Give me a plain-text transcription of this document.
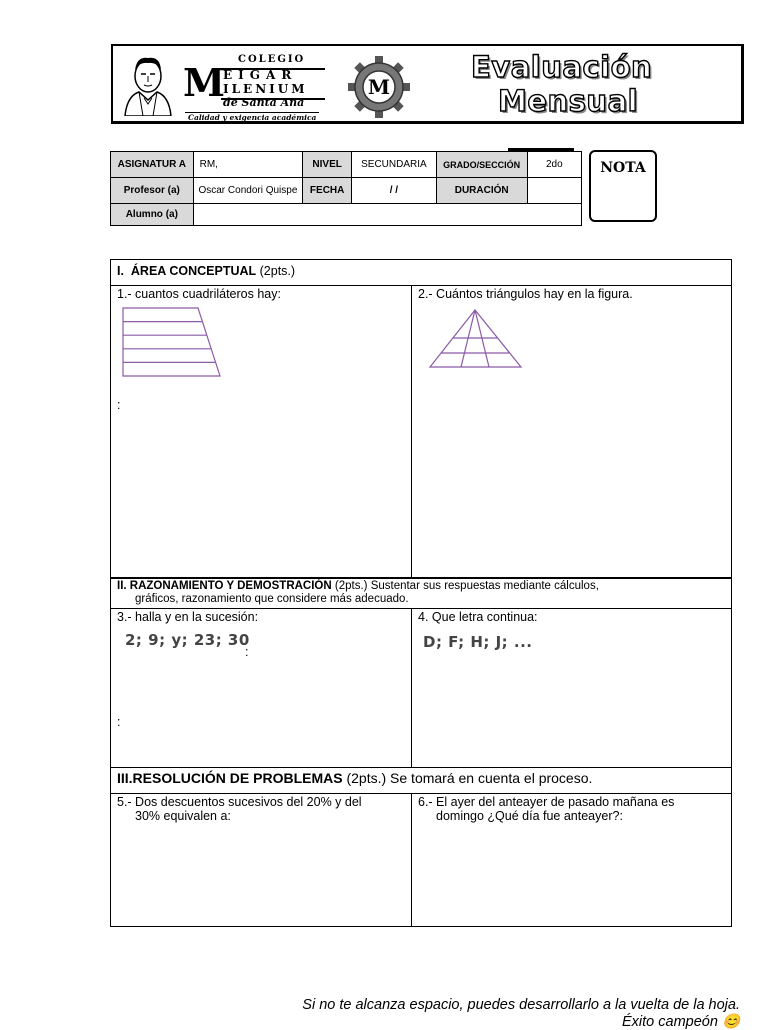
COLEGIO
M
EIGAR
ILENIUM
de Santa Ana
Calidad y exigencia académica
M
Evaluación
Mensual
ASIGNATUR A	RM,	NIVEL	SECUNDARIA	GRADO/SECCIÓN	2do
Profesor (a)	Oscar Condori Quispe	FECHA	/ /	DURACIÓN	
Alumno (a)					
NOTA
I. ÁREA CONCEPTUAL (2pts.)
1.- cuantos cuadriláteros hay:
:
2.- Cuántos triángulos hay en la figura.
II. RAZONAMIENTO Y DEMOSTRACIÓN (2pts.) Sustentar sus respuestas mediante cálculos,
gráficos, razonamiento que considere más adecuado.
3.- halla y en la sucesión:
2; 9; y; 23; 30
:
:
4. Que letra continua:
D; F; H; J; ...
III.RESOLUCIÓN DE PROBLEMAS (2pts.) Se tomará en cuenta el proceso.
5.- Dos descuentos sucesivos del 20% y del
30% equivalen a:
6.- El ayer del anteayer de pasado mañana es
domingo ¿Qué día fue anteayer?:
Si no te alcanza espacio, puedes desarrollarlo a la vuelta de la hoja.
Éxito campeón 😊
